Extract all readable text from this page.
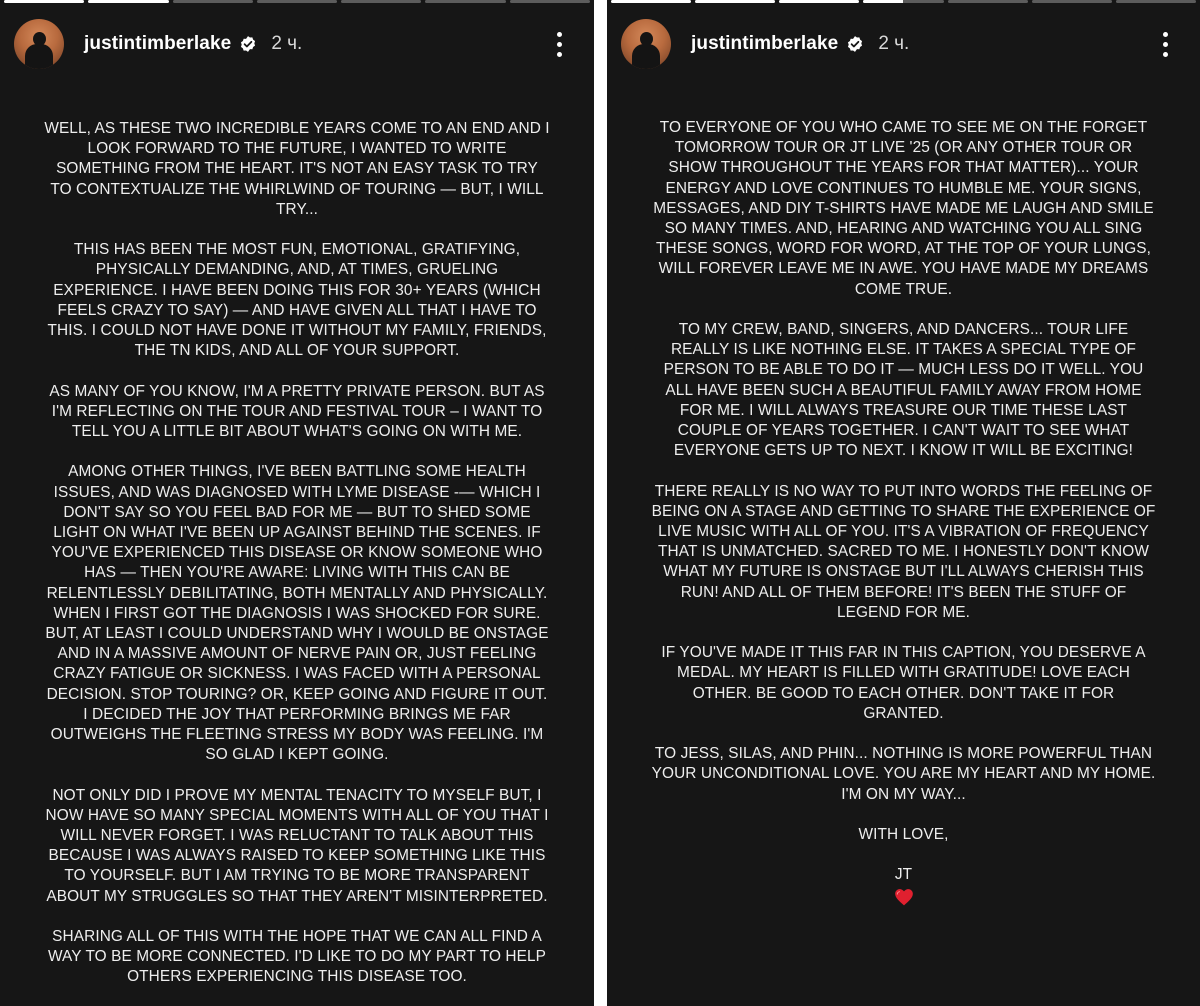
justintimberlake 2 ч.

WELL, AS THESE TWO INCREDIBLE YEARS COME TO AN END AND I LOOK FORWARD TO THE FUTURE, I WANTED TO WRITE SOMETHING FROM THE HEART. IT'S NOT AN EASY TASK TO TRY TO CONTEXTUALIZE THE WHIRLWIND OF TOURING — BUT, I WILL TRY...

THIS HAS BEEN THE MOST FUN, EMOTIONAL, GRATIFYING, PHYSICALLY DEMANDING, AND, AT TIMES, GRUELING EXPERIENCE. I HAVE BEEN DOING THIS FOR 30+ YEARS (WHICH FEELS CRAZY TO SAY) — AND HAVE GIVEN ALL THAT I HAVE TO THIS. I COULD NOT HAVE DONE IT WITHOUT MY FAMILY, FRIENDS, THE TN KIDS, AND ALL OF YOUR SUPPORT.

AS MANY OF YOU KNOW, I'M A PRETTY PRIVATE PERSON. BUT AS I'M REFLECTING ON THE TOUR AND FESTIVAL TOUR – I WANT TO TELL YOU A LITTLE BIT ABOUT WHAT'S GOING ON WITH ME.

AMONG OTHER THINGS, I'VE BEEN BATTLING SOME HEALTH ISSUES, AND WAS DIAGNOSED WITH LYME DISEASE -— WHICH I DON'T SAY SO YOU FEEL BAD FOR ME — BUT TO SHED SOME LIGHT ON WHAT I'VE BEEN UP AGAINST BEHIND THE SCENES. IF YOU'VE EXPERIENCED THIS DISEASE OR KNOW SOMEONE WHO HAS — THEN YOU'RE AWARE: LIVING WITH THIS CAN BE RELENTLESSLY DEBILITATING, BOTH MENTALLY AND PHYSICALLY. WHEN I FIRST GOT THE DIAGNOSIS I WAS SHOCKED FOR SURE. BUT, AT LEAST I COULD UNDERSTAND WHY I WOULD BE ONSTAGE AND IN A MASSIVE AMOUNT OF NERVE PAIN OR, JUST FEELING CRAZY FATIGUE OR SICKNESS. I WAS FACED WITH A PERSONAL DECISION. STOP TOURING? OR, KEEP GOING AND FIGURE IT OUT. I DECIDED THE JOY THAT PERFORMING BRINGS ME FAR OUTWEIGHS THE FLEETING STRESS MY BODY WAS FEELING. I'M SO GLAD I KEPT GOING.

NOT ONLY DID I PROVE MY MENTAL TENACITY TO MYSELF BUT, I NOW HAVE SO MANY SPECIAL MOMENTS WITH ALL OF YOU THAT I WILL NEVER FORGET. I WAS RELUCTANT TO TALK ABOUT THIS BECAUSE I WAS ALWAYS RAISED TO KEEP SOMETHING LIKE THIS TO YOURSELF. BUT I AM TRYING TO BE MORE TRANSPARENT ABOUT MY STRUGGLES SO THAT THEY AREN'T MISINTERPRETED.

SHARING ALL OF THIS WITH THE HOPE THAT WE CAN ALL FIND A WAY TO BE MORE CONNECTED. I'D LIKE TO DO MY PART TO HELP OTHERS EXPERIENCING THIS DISEASE TOO.

justintimberlake 2 ч.

TO EVERYONE OF YOU WHO CAME TO SEE ME ON THE FORGET TOMORROW TOUR OR JT LIVE '25 (OR ANY OTHER TOUR OR SHOW THROUGHOUT THE YEARS FOR THAT MATTER)... YOUR ENERGY AND LOVE CONTINUES TO HUMBLE ME. YOUR SIGNS, MESSAGES, AND DIY T-SHIRTS HAVE MADE ME LAUGH AND SMILE SO MANY TIMES. AND, HEARING AND WATCHING YOU ALL SING THESE SONGS, WORD FOR WORD, AT THE TOP OF YOUR LUNGS, WILL FOREVER LEAVE ME IN AWE. YOU HAVE MADE MY DREAMS COME TRUE.

TO MY CREW, BAND, SINGERS, AND DANCERS... TOUR LIFE REALLY IS LIKE NOTHING ELSE. IT TAKES A SPECIAL TYPE OF PERSON TO BE ABLE TO DO IT — MUCH LESS DO IT WELL. YOU ALL HAVE BEEN SUCH A BEAUTIFUL FAMILY AWAY FROM HOME FOR ME. I WILL ALWAYS TREASURE OUR TIME THESE LAST COUPLE OF YEARS TOGETHER. I CAN'T WAIT TO SEE WHAT EVERYONE GETS UP TO NEXT. I KNOW IT WILL BE EXCITING!

THERE REALLY IS NO WAY TO PUT INTO WORDS THE FEELING OF BEING ON A STAGE AND GETTING TO SHARE THE EXPERIENCE OF LIVE MUSIC WITH ALL OF YOU. IT'S A VIBRATION OF FREQUENCY THAT IS UNMATCHED. SACRED TO ME. I HONESTLY DON'T KNOW WHAT MY FUTURE IS ONSTAGE BUT I'LL ALWAYS CHERISH THIS RUN! AND ALL OF THEM BEFORE! IT'S BEEN THE STUFF OF LEGEND FOR ME.

IF YOU'VE MADE IT THIS FAR IN THIS CAPTION, YOU DESERVE A MEDAL. MY HEART IS FILLED WITH GRATITUDE! LOVE EACH OTHER. BE GOOD TO EACH OTHER. DON'T TAKE IT FOR GRANTED.

TO JESS, SILAS, AND PHIN... NOTHING IS MORE POWERFUL THAN YOUR UNCONDITIONAL LOVE. YOU ARE MY HEART AND MY HOME. I'M ON MY WAY...

WITH LOVE,

JT
